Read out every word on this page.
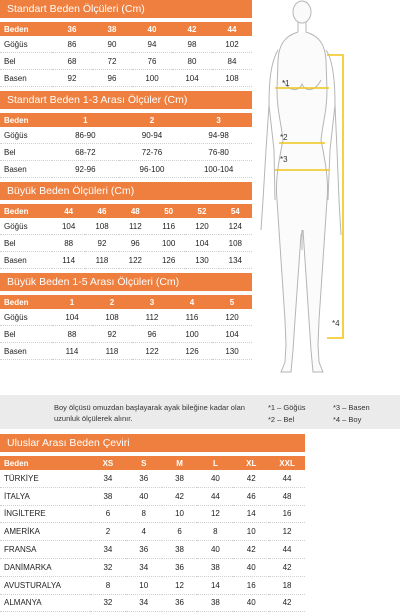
Standart Beden Ölçüleri (Cm)
Beden	36	38	40	42	44
Göğüs	86	90	94	98	102
Bel	68	72	76	80	84
Basen	92	96	100	104	108
Standart Beden 1-3 Arası Ölçüler (Cm)
Beden	1	2	3
Göğüs	86-90	90-94	94-98
Bel	68-72	72-76	76-80
Basen	92-96	96-100	100-104
Büyük Beden Ölçüleri (Cm)
Beden	44	46	48	50	52	54
Göğüs	104	108	112	116	120	124
Bel	88	92	96	100	104	108
Basen	114	118	122	126	130	134
Büyük Beden 1-5 Arası Ölçüleri (Cm)
Beden	1	2	3	4	5
Göğüs	104	108	112	116	120
Bel	88	92	96	100	104
Basen	114	118	122	126	130
Boy ölçüsü omuzdan başlayarak ayak bileğine kadar olan uzunluk ölçülerek alınır.
*1 – Göğüs
*2 – Bel
*3 – Basen
*4 – Boy
Uluslar Arası Beden Çeviri
Beden	XS	S	M	L	XL	XXL
TÜRKİYE	34	36	38	40	42	44
İTALYA	38	40	42	44	46	48
İNGİLTERE	6	8	10	12	14	16
AMERİKA	2	4	6	8	10	12
FRANSA	34	36	38	40	42	44
DANİMARKA	32	34	36	38	40	42
AVUSTURALYA	8	10	12	14	16	18
ALMANYA	32	34	36	38	40	42
*1
*2
*3
*4
